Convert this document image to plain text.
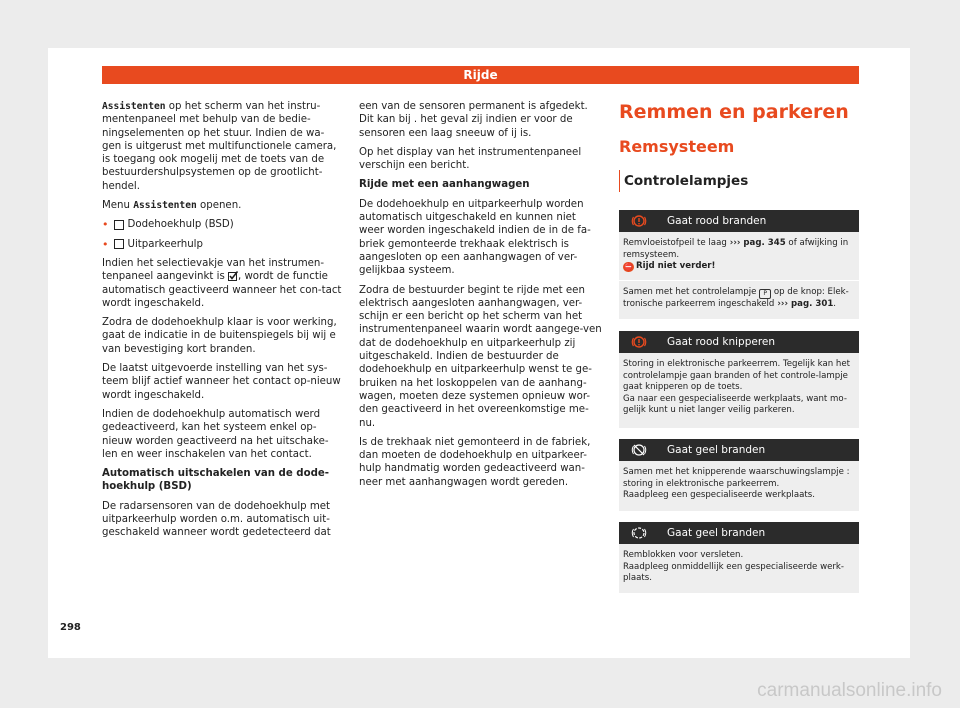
Rijde

Assistenten op het scherm van het instru-mentenpaneel met behulp van de bedie-ningselementen op het stuur. Indien de wa-gen is uitgerust met multifunctionele camera, is toegang ook mogelij met de toets van de bestuurdershulpsystemen op de grootlicht-hendel.

Menu Assistenten openen.

• Dodehoekhulp (BSD)
• Uitparkeerhulp

Indien het selectievakje van het instrumen-tenpaneel aangevinkt is , wordt de functie automatisch geactiveerd wanneer het con-tact wordt ingeschakeld.

Zodra de dodehoekhulp klaar is voor werking, gaat de indicatie in de buitenspiegels bij wij e van bevestiging kort branden.

De laatst uitgevoerde instelling van het sys-teem blijf actief wanneer het contact op-nieuw wordt ingeschakeld.

Indien de dodehoekhulp automatisch werd gedeactiveerd, kan het systeem enkel op-nieuw worden geactiveerd na het uitschake-len en weer inschakelen van het contact.

Automatisch uitschakelen van de dode-hoekhulp (BSD)

De radarsensoren van de dodehoekhulp met uitparkeerhulp worden o.m. automatisch uit-geschakeld wanneer wordt gedetecteerd dat

een van de sensoren permanent is afgedekt. Dit kan bij . het geval zij indien er voor de sensoren een laag sneeuw of ij is.

Op het display van het instrumentenpaneel verschijn een bericht.

Rijde met een aanhangwagen

De dodehoekhulp en uitparkeerhulp worden automatisch uitgeschakeld en kunnen niet weer worden ingeschakeld indien de in de fa-briek gemonteerde trekhaak elektrisch is aangesloten op een aanhangwagen of ver-gelijkbaa systeem.

Zodra de bestuurder begint te rijde met een elektrisch aangesloten aanhangwagen, ver-schijn er een bericht op het scherm van het instrumentenpaneel waarin wordt aangege-ven dat de dodehoekhulp en uitparkeerhulp zij uitgeschakeld. Indien de bestuurder de dodehoekhulp en uitparkeerhulp wenst te ge-bruiken na het loskoppelen van de aanhang-wagen, moeten deze systemen opnieuw wor-den geactiveerd in het overeenkomstige me-nu.

Is de trekhaak niet gemonteerd in de fabriek, dan moeten de dodehoekhulp en uitparkeer-hulp handmatig worden gedeactiveerd wan-neer met aanhangwagen wordt gereden.

Remmen en parkeren

Remsysteem

Controlelampjes

Gaat rood branden

Remvloeistofpeil te laag ››› pag. 345 of afwijking in remsysteem.

⛔ Rijd niet verder!

Samen met het controlelampje P op de knop: Elek-tronische parkeerrem ingeschakeld ››› pag. 301.

Gaat rood knipperen

Storing in elektronische parkeerrem. Tegelijk kan het controlelampje gaan branden of het controle-lampje gaat knipperen op de toets.

Ga naar een gespecialiseerde werkplaats, want mo-gelijk kunt u niet langer veilig parkeren.

Gaat geel branden

Samen met het knipperende waarschuwingslampje : storing in elektronische parkeerrem.

Raadpleeg een gespecialiseerde werkplaats.

Gaat geel branden

Remblokken voor versleten.

Raadpleeg onmiddellijk een gespecialiseerde werk-plaats.

298
carmanualsonline.info
